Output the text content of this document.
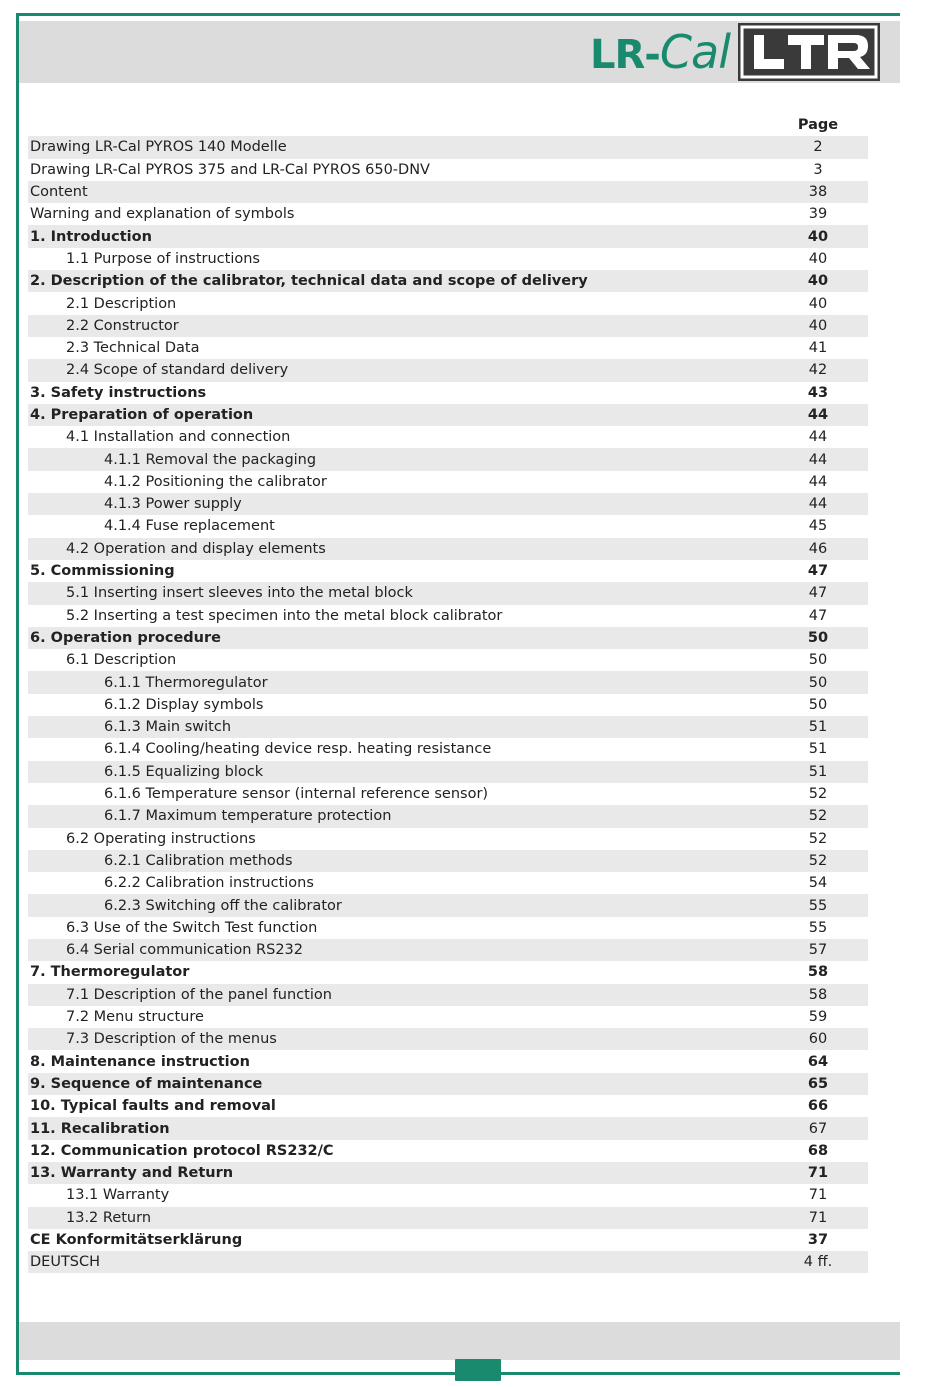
LR-Cal
Page
Drawing LR-Cal PYROS 140 Modelle	2
Drawing LR-Cal PYROS 375 and LR-Cal PYROS 650-DNV	3
Content	38
Warning and explanation of symbols	39
1. Introduction	40
1.1 Purpose of instructions	40
2. Description of the calibrator, technical data and scope of delivery	40
2.1 Description	40
2.2 Constructor	40
2.3 Technical Data	41
2.4 Scope of standard delivery	42
3. Safety instructions	43
4. Preparation of operation	44
4.1 Installation and connection	44
4.1.1 Removal the packaging	44
4.1.2 Positioning the calibrator	44
4.1.3 Power supply	44
4.1.4 Fuse replacement	45
4.2 Operation and display elements	46
5. Commissioning	47
5.1 Inserting insert sleeves into the metal block	47
5.2 Inserting a test specimen into the metal block calibrator	47
6. Operation procedure	50
6.1 Description	50
6.1.1 Thermoregulator	50
6.1.2 Display symbols	50
6.1.3 Main switch	51
6.1.4 Cooling/heating device resp. heating resistance	51
6.1.5 Equalizing block	51
6.1.6 Temperature sensor (internal reference sensor)	52
6.1.7 Maximum temperature protection	52
6.2 Operating instructions	52
6.2.1 Calibration methods	52
6.2.2 Calibration instructions	54
6.2.3 Switching off the calibrator	55
6.3 Use of the Switch Test function	55
6.4 Serial communication RS232	57
7. Thermoregulator	58
7.1 Description of the panel function	58
7.2 Menu structure	59
7.3 Description of the menus	60
8. Maintenance instruction	64
9. Sequence of maintenance	65
10. Typical faults and removal	66
11. Recalibration	67
12. Communication protocol RS232/C	68
13. Warranty and Return	71
13.1 Warranty	71
13.2 Return	71
CE Konformitätserklärung	37
DEUTSCH	4 ff.
